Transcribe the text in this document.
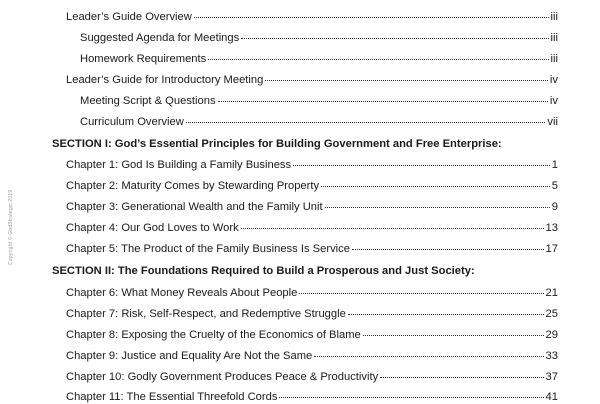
Copyright © GodStrategic 2019
Leader’s Guide Overview	iii
Suggested Agenda for Meetings	iii
Homework Requirements	iii
Leader’s Guide for Introductory Meeting	iv
Meeting Script & Questions	iv
Curriculum Overview	vii
SECTION I: God’s Essential Principles for Building Government and Free Enterprise:
Chapter 1: God Is Building a Family Business	1
Chapter 2: Maturity Comes by Stewarding Property	5
Chapter 3: Generational Wealth and the Family Unit	9
Chapter 4: Our God Loves to Work	13
Chapter 5: The Product of the Family Business Is Service	17
SECTION II: The Foundations Required to Build a Prosperous and Just Society:
Chapter 6: What Money Reveals About People	21
Chapter 7: Risk, Self-Respect, and Redemptive Struggle	25
Chapter 8: Exposing the Cruelty of the Economics of Blame	29
Chapter 9: Justice and Equality Are Not the Same	33
Chapter 10: Godly Government Produces Peace & Productivity	37
Chapter 11: The Essential Threefold Cords	41
